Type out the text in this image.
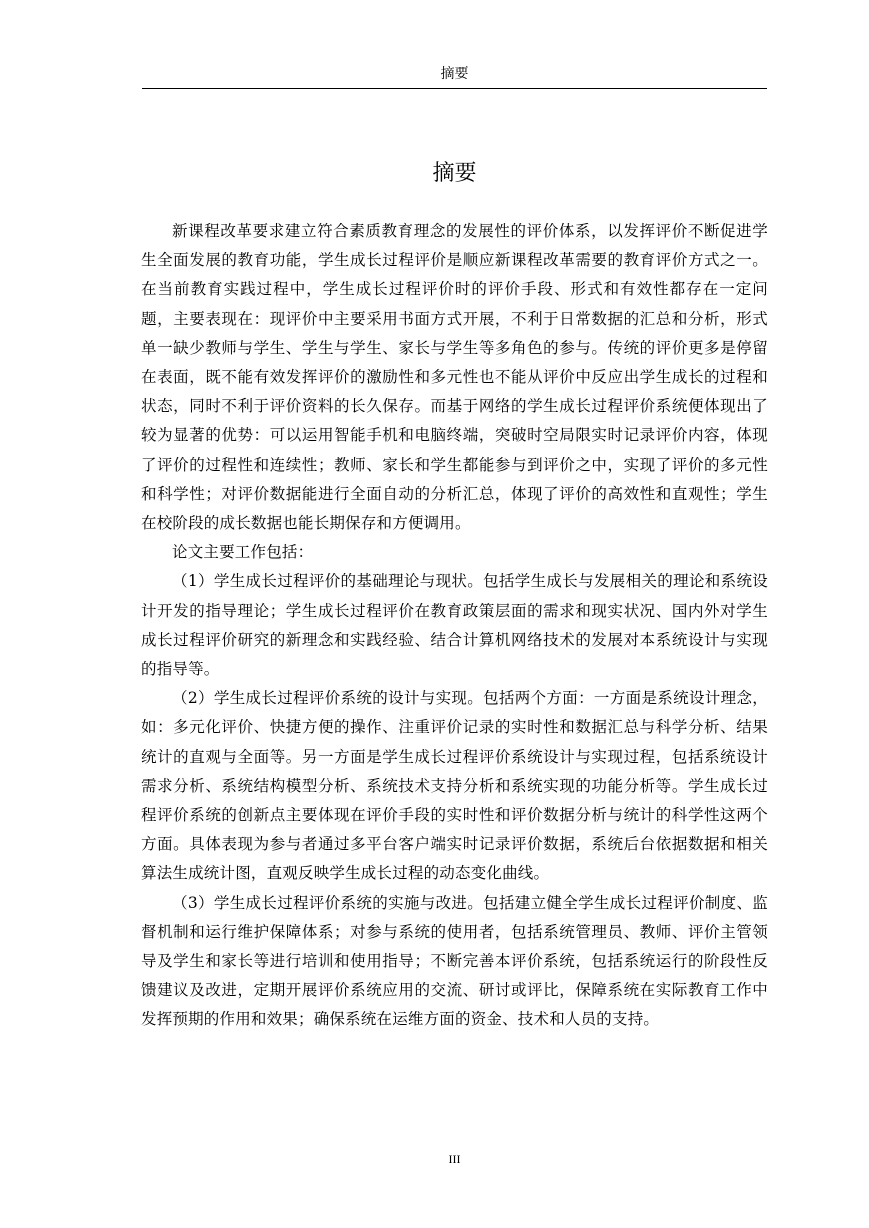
摘要
摘要

新课程改革要求建立符合素质教育理念的发展性的评价体系，以发挥评价不断促进学生全面发展的教育功能，学生成长过程评价是顺应新课程改革需要的教育评价方式之一。在当前教育实践过程中，学生成长过程评价时的评价手段、形式和有效性都存在一定问题，主要表现在：现评价中主要采用书面方式开展，不利于日常数据的汇总和分析，形式单一缺少教师与学生、学生与学生、家长与学生等多角色的参与。传统的评价更多是停留在表面，既不能有效发挥评价的激励性和多元性也不能从评价中反应出学生成长的过程和状态，同时不利于评价资料的长久保存。而基于网络的学生成长过程评价系统便体现出了较为显著的优势：可以运用智能手机和电脑终端，突破时空局限实时记录评价内容，体现了评价的过程性和连续性；教师、家长和学生都能参与到评价之中，实现了评价的多元性和科学性；对评价数据能进行全面自动的分析汇总，体现了评价的高效性和直观性；学生在校阶段的成长数据也能长期保存和方便调用。

论文主要工作包括：

（1）学生成长过程评价的基础理论与现状。包括学生成长与发展相关的理论和系统设计开发的指导理论；学生成长过程评价在教育政策层面的需求和现实状况、国内外对学生成长过程评价研究的新理念和实践经验、结合计算机网络技术的发展对本系统设计与实现的指导等。

（2）学生成长过程评价系统的设计与实现。包括两个方面：一方面是系统设计理念，如：多元化评价、快捷方便的操作、注重评价记录的实时性和数据汇总与科学分析、结果统计的直观与全面等。另一方面是学生成长过程评价系统设计与实现过程，包括系统设计需求分析、系统结构模型分析、系统技术支持分析和系统实现的功能分析等。学生成长过程评价系统的创新点主要体现在评价手段的实时性和评价数据分析与统计的科学性这两个方面。具体表现为参与者通过多平台客户端实时记录评价数据，系统后台依据数据和相关算法生成统计图，直观反映学生成长过程的动态变化曲线。

（3）学生成长过程评价系统的实施与改进。包括建立健全学生成长过程评价制度、监督机制和运行维护保障体系；对参与系统的使用者，包括系统管理员、教师、评价主管领导及学生和家长等进行培训和使用指导；不断完善本评价系统，包括系统运行的阶段性反馈建议及改进，定期开展评价系统应用的交流、研讨或评比，保障系统在实际教育工作中发挥预期的作用和效果；确保系统在运维方面的资金、技术和人员的支持。

III
